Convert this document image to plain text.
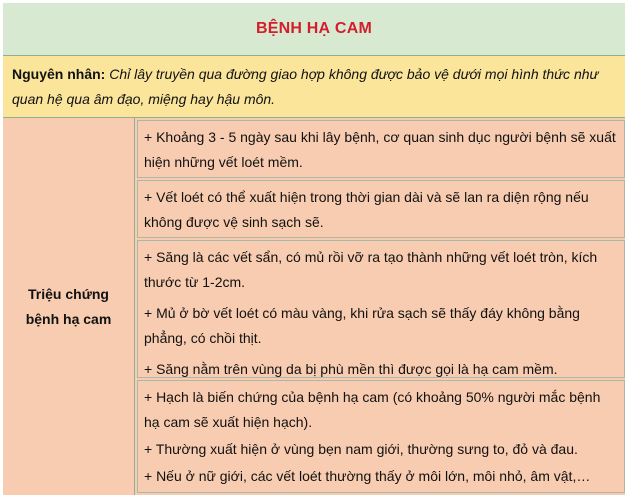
BỆNH HẠ CAM
Nguyên nhân: Chỉ lây truyền qua đường giao hợp không được bảo vệ dưới mọi hình thức như quan hệ qua âm đạo, miệng hay hậu môn.
Triệu chứng bệnh hạ cam

+ Khoảng 3 - 5 ngày sau khi lây bệnh, cơ quan sinh dục người bệnh sẽ xuất hiện những vết loét mềm.

+ Vết loét có thể xuất hiện trong thời gian dài và sẽ lan ra diện rộng nếu không được vệ sinh sạch sẽ.

+ Săng là các vết sẩn, có mủ rồi vỡ ra tạo thành những vết loét tròn, kích thước từ 1-2cm.

+ Mủ ở bờ vết loét có màu vàng, khi rửa sạch sẽ thấy đáy không bằng phẳng, có chồi thịt.

+ Săng nằm trên vùng da bị phù mền thì được gọi là hạ cam mềm.

+ Hạch là biến chứng của bệnh hạ cam (có khoảng 50% người mắc bệnh hạ cam sẽ xuất hiện hạch).

+ Thường xuất hiện ở vùng bẹn nam giới, thường sưng to, đỏ và đau.

+ Nếu ở nữ giới, các vết loét thường thấy ở môi lớn, môi nhỏ, âm vật,…
